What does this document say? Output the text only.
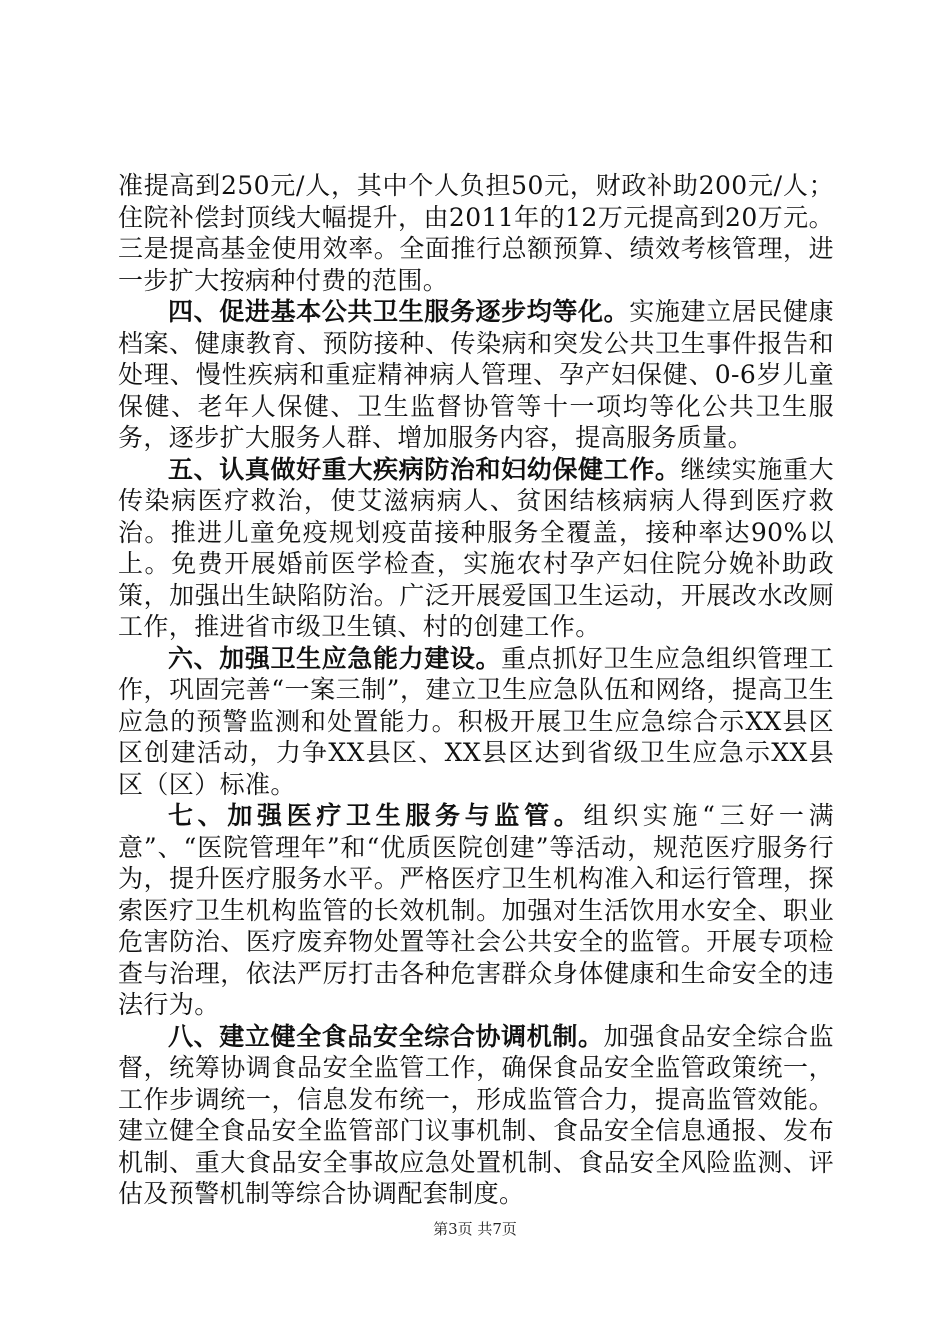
准提高到250元/人，其中个人负担50元，财政补助200元/人；住院补偿封顶线大幅提升，由2011年的12万元提高到20万元。三是提高基金使用效率。全面推行总额预算、绩效考核管理，进一步扩大按病种付费的范围。

四、促进基本公共卫生服务逐步均等化。实施建立居民健康档案、健康教育、预防接种、传染病和突发公共卫生事件报告和处理、慢性疾病和重症精神病人管理、孕产妇保健、0-6岁儿童保健、老年人保健、卫生监督协管等十一项均等化公共卫生服务，逐步扩大服务人群、增加服务内容，提高服务质量。

五、认真做好重大疾病防治和妇幼保健工作。继续实施重大传染病医疗救治，使艾滋病病人、贫困结核病病人得到医疗救治。推进儿童免疫规划疫苗接种服务全覆盖，接种率达90%以上。免费开展婚前医学检查，实施农村孕产妇住院分娩补助政策，加强出生缺陷防治。广泛开展爱国卫生运动，开展改水改厕工作，推进省市级卫生镇、村的创建工作。

六、加强卫生应急能力建设。重点抓好卫生应急组织管理工作，巩固完善“一案三制”，建立卫生应急队伍和网络，提高卫生应急的预警监测和处置能力。积极开展卫生应急综合示XX县区区创建活动，力争XX县区、XX县区达到省级卫生应急示XX县区（区）标准。

七、加强医疗卫生服务与监管。组织实施“三好一满意”、“医院管理年”和“优质医院创建”等活动，规范医疗服务行为，提升医疗服务水平。严格医疗卫生机构准入和运行管理，探索医疗卫生机构监管的长效机制。加强对生活饮用水安全、职业危害防治、医疗废弃物处置等社会公共安全的监管。开展专项检查与治理，依法严厉打击各种危害群众身体健康和生命安全的违法行为。

八、建立健全食品安全综合协调机制。加强食品安全综合监督，统筹协调食品安全监管工作，确保食品安全监管政策统一，工作步调统一，信息发布统一，形成监管合力，提高监管效能。建立健全食品安全监管部门议事机制、食品安全信息通报、发布机制、重大食品安全事故应急处置机制、食品安全风险监测、评估及预警机制等综合协调配套制度。

第3页 共7页
